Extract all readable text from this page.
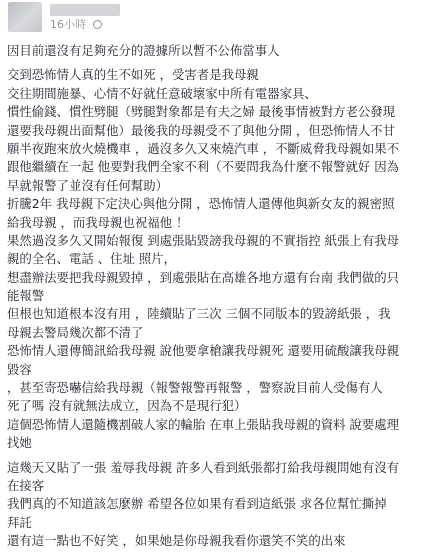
16小時
因目前還沒有足夠充分的證據所以暫不公佈當事人
交到恐怖情人真的生不如死 ，受害者是我母親
交往期間施暴、心情不好就任意破壞家中所有電器家具、
慣性偷錢、慣性劈腿（劈腿對象都是有夫之婦 最後事情被對方老公發現
還要我母親出面幫他）最後我的母親受不了與他分開 ，但恐怖情人不甘
願半夜跑來放火燒機車 ，過沒多久又來燒汽車 ，不斷威脅我母親如果不
跟他繼續在一起 他要對我們全家不利（不要問我為什麼不報警就好 因為
早就報警了並沒有任何幫助）
折騰2年 我母親下定決心與他分開 ，恐怖情人還傳他與新女友的親密照
給我母親 ，而我母親也祝福他 ！
果然過沒多久又開始報復 到處張貼毀謗我母親的不實指控 紙張上有我母
親的全名、電話 、住址 照片，
想盡辦法要把我母親毀掉 ，到處張貼在高雄各地方還有台南 我們做的只
能報警
但根也知道根本沒有用 ，陸續貼了三次 三個不同版本的毀謗紙張 ，我
母親去警局幾次都不清了
恐怖情人還傳簡訊給我母親 說他要拿槍讓我母親死 還要用硫酸讓我母親
毀容
，甚至寄恐嚇信給我母親（報警報警再報警 ，警察說目前人受傷有人
死了嗎 沒有就無法成立，因為不是現行犯）
這個恐怖情人還隨機割破人家的輪胎 在車上張貼我母親的資料 說要處理
找她
這幾天又貼了一張 羞辱我母親 許多人看到紙張都打給我母親問她有沒有
在接客
我們真的不知道該怎麼辦 希望各位如果有看到這紙張 求各位幫忙撕掉
拜託
還有這一點也不好笑 ，如果她是你母親我看你還笑不笑的出來
